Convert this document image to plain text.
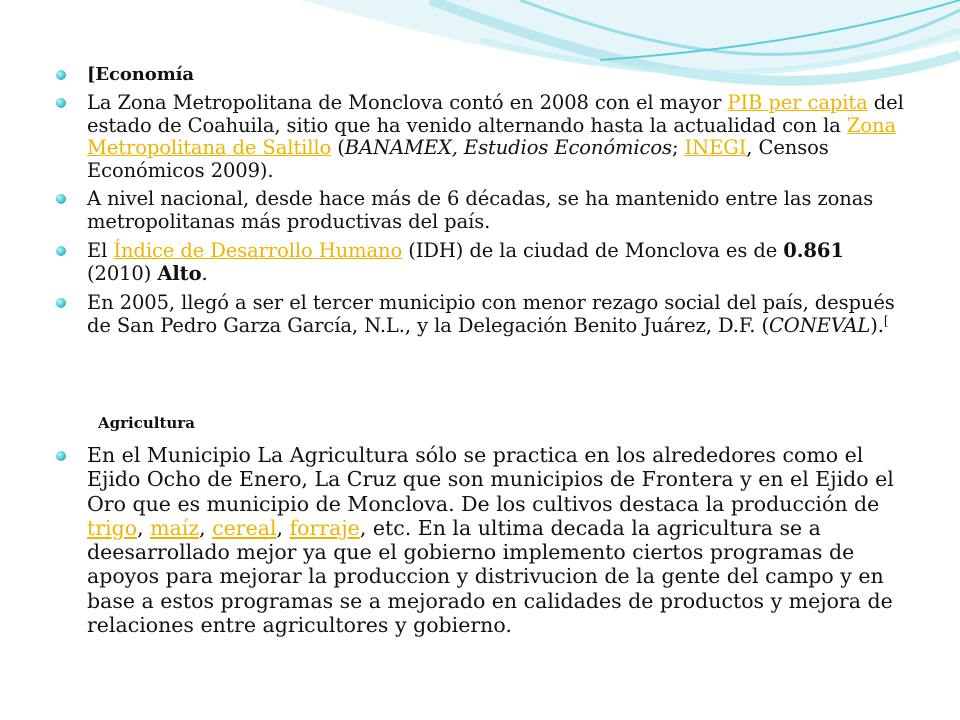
[Economía
La Zona Metropolitana de Monclova contó en 2008 con el mayor PIB per capita del estado de Coahuila, sitio que ha venido alternando hasta la actualidad con la Zona Metropolitana de Saltillo (BANAMEX, Estudios Económicos; INEGI, Censos Económicos 2009).
A nivel nacional, desde hace más de 6 décadas, se ha mantenido entre las zonas metropolitanas más productivas del país.
El Índice de Desarrollo Humano (IDH) de la ciudad de Monclova es de 0.861 (2010) Alto.
En 2005, llegó a ser el tercer municipio con menor rezago social del país, después de San Pedro Garza García, N.L., y la Delegación Benito Juárez, D.F. (CONEVAL).[
Agricultura
En el Municipio La Agricultura sólo se practica en los alrededores como el Ejido Ocho de Enero, La Cruz que son municipios de Frontera y en el Ejido el Oro que es municipio de Monclova. De los cultivos destaca la producción de trigo, maíz, cereal, forraje, etc. En la ultima decada la agricultura se a deesarrollado mejor ya que el gobierno implemento ciertos programas de apoyos para mejorar la produccion y distrivucion de la gente del campo y en base a estos programas se a mejorado en calidades de productos y mejora de relaciones entre agricultores y gobierno.
